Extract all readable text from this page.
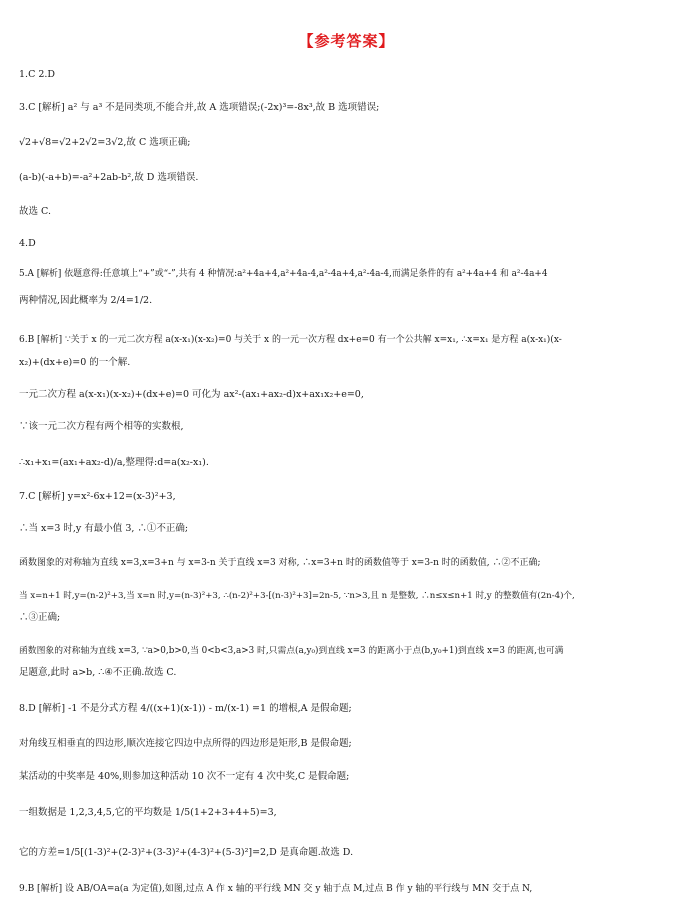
【参考答案】
1.C 2.D
3.C [解析] a² 与 a³ 不是同类项,不能合并,故 A 选项错误;(-2x)³=-8x³,故 B 选项错误;
√2+√8=√2+2√2=3√2,故 C 选项正确;
(a-b)(-a+b)=-a²+2ab-b²,故 D 选项错误.
故选 C.
4.D
5.A [解析] 依题意得:任意填上“+”或“-”,共有 4 种情况:a²+4a+4,a²+4a-4,a²-4a+4,a²-4a-4,而满足条件的有 a²+4a+4 和 a²-4a+4
两种情况,因此概率为 2/4=1/2.
6.B [解析] ∵关于 x 的一元二次方程 a(x-x₁)(x-x₂)=0 与关于 x 的一元一次方程 dx+e=0 有一个公共解 x=x₁, ∴x=x₁ 是方程 a(x-x₁)(x-
x₂)+(dx+e)=0 的一个解.
一元二次方程 a(x-x₁)(x-x₂)+(dx+e)=0 可化为 ax²-(ax₁+ax₂-d)x+ax₁x₂+e=0,
∵该一元二次方程有两个相等的实数根,
∴x₁+x₁=(ax₁+ax₂-d)/a,整理得:d=a(x₂-x₁).
7.C [解析] y=x²-6x+12=(x-3)²+3,
∴当 x=3 时,y 有最小值 3, ∴①不正确;
函数图象的对称轴为直线 x=3,x=3+n 与 x=3-n 关于直线 x=3 对称, ∴x=3+n 时的函数值等于 x=3-n 时的函数值, ∴②不正确;
当 x=n+1 时,y=(n-2)²+3,当 x=n 时,y=(n-3)²+3, ∴(n-2)²+3-[(n-3)²+3]=2n-5, ∵n>3,且 n 是整数, ∴n≤x≤n+1 时,y 的整数值有(2n-4)个,
∴③正确;
函数图象的对称轴为直线 x=3, ∵a>0,b>0,当 0<b<3,a>3 时,只需点(a,y₀)到直线 x=3 的距离小于点(b,y₀+1)到直线 x=3 的距离,也可满
足题意,此时 a>b, ∴④不正确.故选 C.
8.D [解析] -1 不是分式方程 4/((x+1)(x-1)) - m/(x-1) =1 的增根,A 是假命题;
对角线互相垂直的四边形,顺次连接它四边中点所得的四边形是矩形,B 是假命题;
某活动的中奖率是 40%,则参加这种活动 10 次不一定有 4 次中奖,C 是假命题;
一组数据是 1,2,3,4,5,它的平均数是 1/5(1+2+3+4+5)=3,
它的方差=1/5[(1-3)²+(2-3)²+(3-3)²+(4-3)²+(5-3)²]=2,D 是真命题.故选 D.
9.B [解析] 设 AB/OA=a(a 为定值),如图,过点 A 作 x 轴的平行线 MN 交 y 轴于点 M,过点 B 作 y 轴的平行线与 MN 交于点 N,
